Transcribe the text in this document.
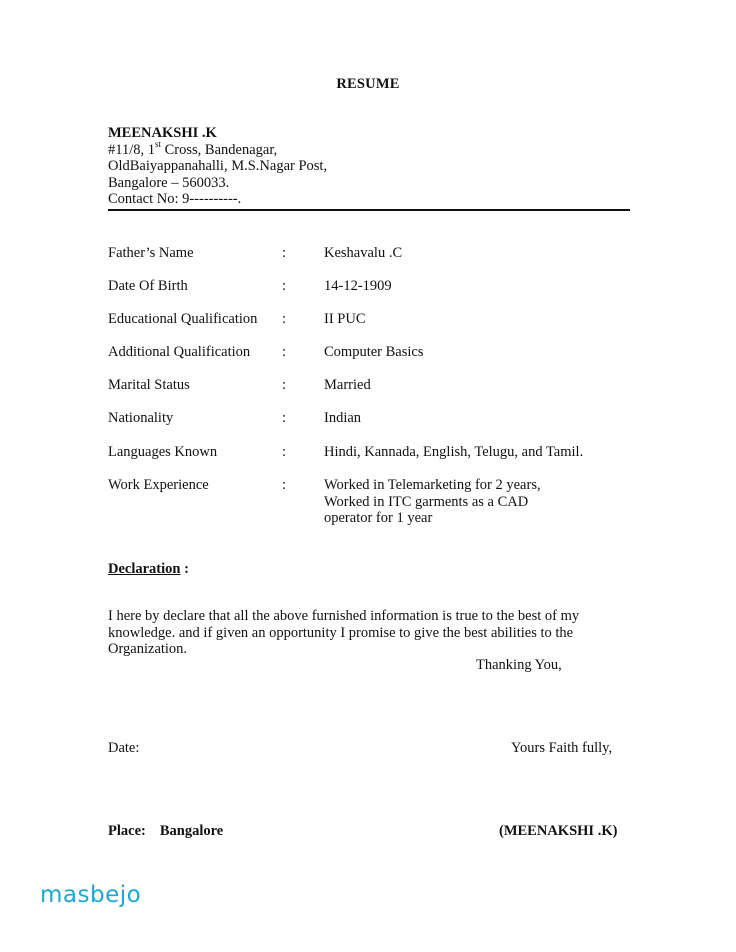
RESUME
MEENAKSHI .K
#11/8, 1st Cross, Bandenagar,
OldBaiyappanahalli, M.S.Nagar Post,
Bangalore – 560033.
Contact No: 9----------.
Father’s Name	:	Keshavalu .C
Date Of Birth	:	14-12-1909
Educational Qualification :	II PUC
Additional Qualification :	Computer Basics
Marital Status	:	Married
Nationality	:	Indian
Languages Known	:	Hindi, Kannada, English, Telugu, and Tamil.
Work Experience	:	Worked in Telemarketing for 2 years,
Worked in ITC garments as a CAD
operator for 1 year
Declaration :
I here by declare that all the above furnished information is true to the best of my
knowledge. and if given an opportunity I promise to give the best abilities to the
Organization.
Thanking You,
Date:	Yours Faith fully,
Place: Bangalore	(MEENAKSHI .K)
masbejo
